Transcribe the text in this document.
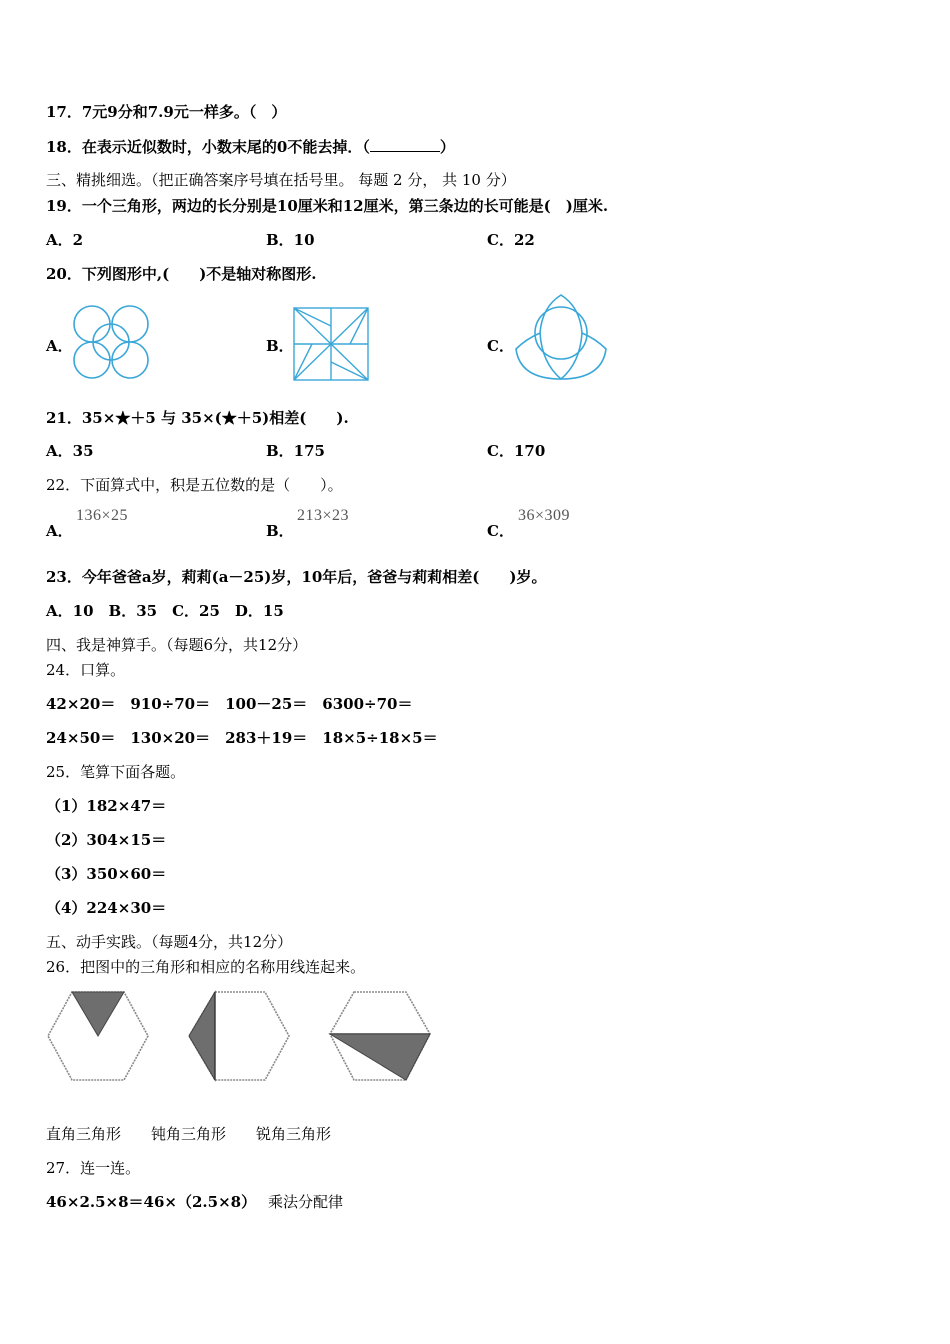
17．7元9分和7.9元一样多。（　）
18．在表示近似数时，小数末尾的0不能去掉．（	）
三、精挑细选。（把正确答案序号填在括号里。 每题 2 分， 共 10 分）
19．一个三角形，两边的长分别是10厘米和12厘米，第三条边的长可能是(　)厘米.
A．2	B．10	C．22
20．下列图形中,(　　)不是轴对称图形.
A．	B．	C．
21．35×★＋5 与 35×(★＋5)相差(　　).
A．35	B．175	C．170
22．下面算式中，积是五位数的是（　　）。
A．
136×25
B．
213×23
C．
36×309
23．今年爸爸a岁，莉莉(a－25)岁，10年后，爸爸与莉莉相差(　　)岁。
A．10　B．35　C．25　D．15
四、我是神算手。（每题6分，共12分）
24．口算。
42×20＝　910÷70＝　100－25＝　6300÷70＝
24×50＝　130×20＝　283＋19＝　18×5÷18×5＝
25．笔算下面各题。
（1）182×47＝
（2）304×15＝
（3）350×60＝
（4）224×30＝
五、动手实践。（每题4分，共12分）
26．把图中的三角形和相应的名称用线连起来。
直角三角形　　钝角三角形　　锐角三角形
27．连一连。
46×2.5×8＝46×（2.5×8） 乘法分配律
